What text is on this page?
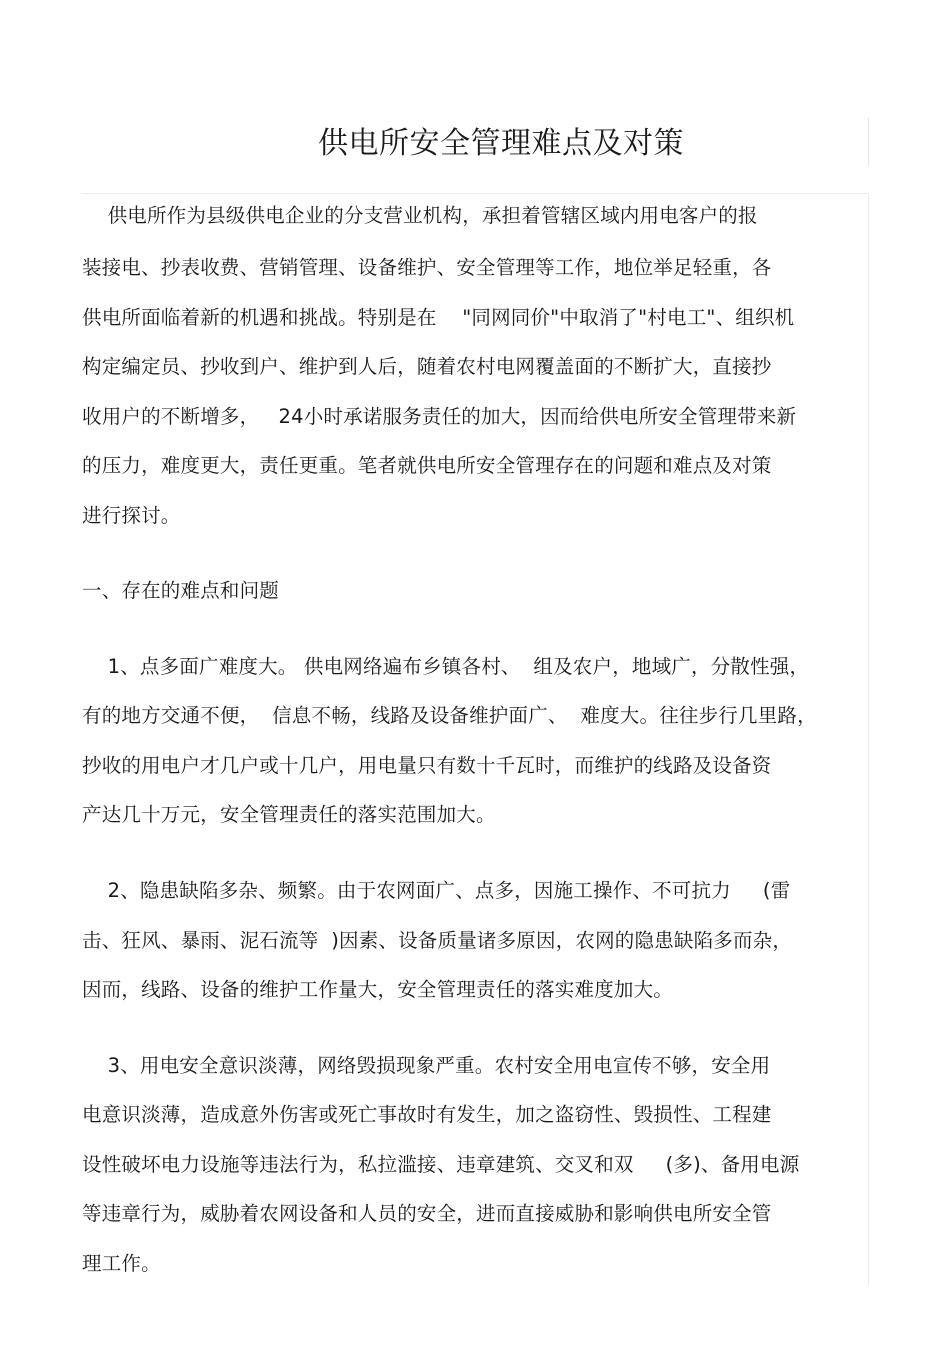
供电所安全管理难点及对策
供电所作为县级供电企业的分支营业机构，承担着管辖区域内用电客户的报
装接电、抄表收费、营销管理、设备维护、安全管理等工作，地位举足轻重，各
供电所面临着新的机遇和挑战。特别是在    "同网同价"中取消了"村电工"、组织机
构定编定员、抄收到户、维护到人后，随着农村电网覆盖面的不断扩大，直接抄
收用户的不断增多，   24小时承诺服务责任的加大，因而给供电所安全管理带来新
的压力，难度更大，责任更重。笔者就供电所安全管理存在的问题和难点及对策
进行探讨。
一、存在的难点和问题
1、点多面广难度大。 供电网络遍布乡镇各村、  组及农户，地域广，分散性强，
有的地方交通不便，  信息不畅，线路及设备维护面广、  难度大。往往步行几里路，
抄收的用电户才几户或十几户，用电量只有数十千瓦时，而维护的线路及设备资
产达几十万元，安全管理责任的落实范围加大。
2、隐患缺陷多杂、频繁。由于农网面广、点多，因施工操作、不可抗力     (雷
击、狂风、暴雨、泥石流等  )因素、设备质量诸多原因，农网的隐患缺陷多而杂，
因而，线路、设备的维护工作量大，安全管理责任的落实难度加大。
3、用电安全意识淡薄，网络毁损现象严重。农村安全用电宣传不够，安全用
电意识淡薄，造成意外伤害或死亡事故时有发生，加之盗窃性、毁损性、工程建
设性破坏电力设施等违法行为，私拉滥接、违章建筑、交叉和双     (多)、备用电源
等违章行为，威胁着农网设备和人员的安全，进而直接威胁和影响供电所安全管
理工作。
